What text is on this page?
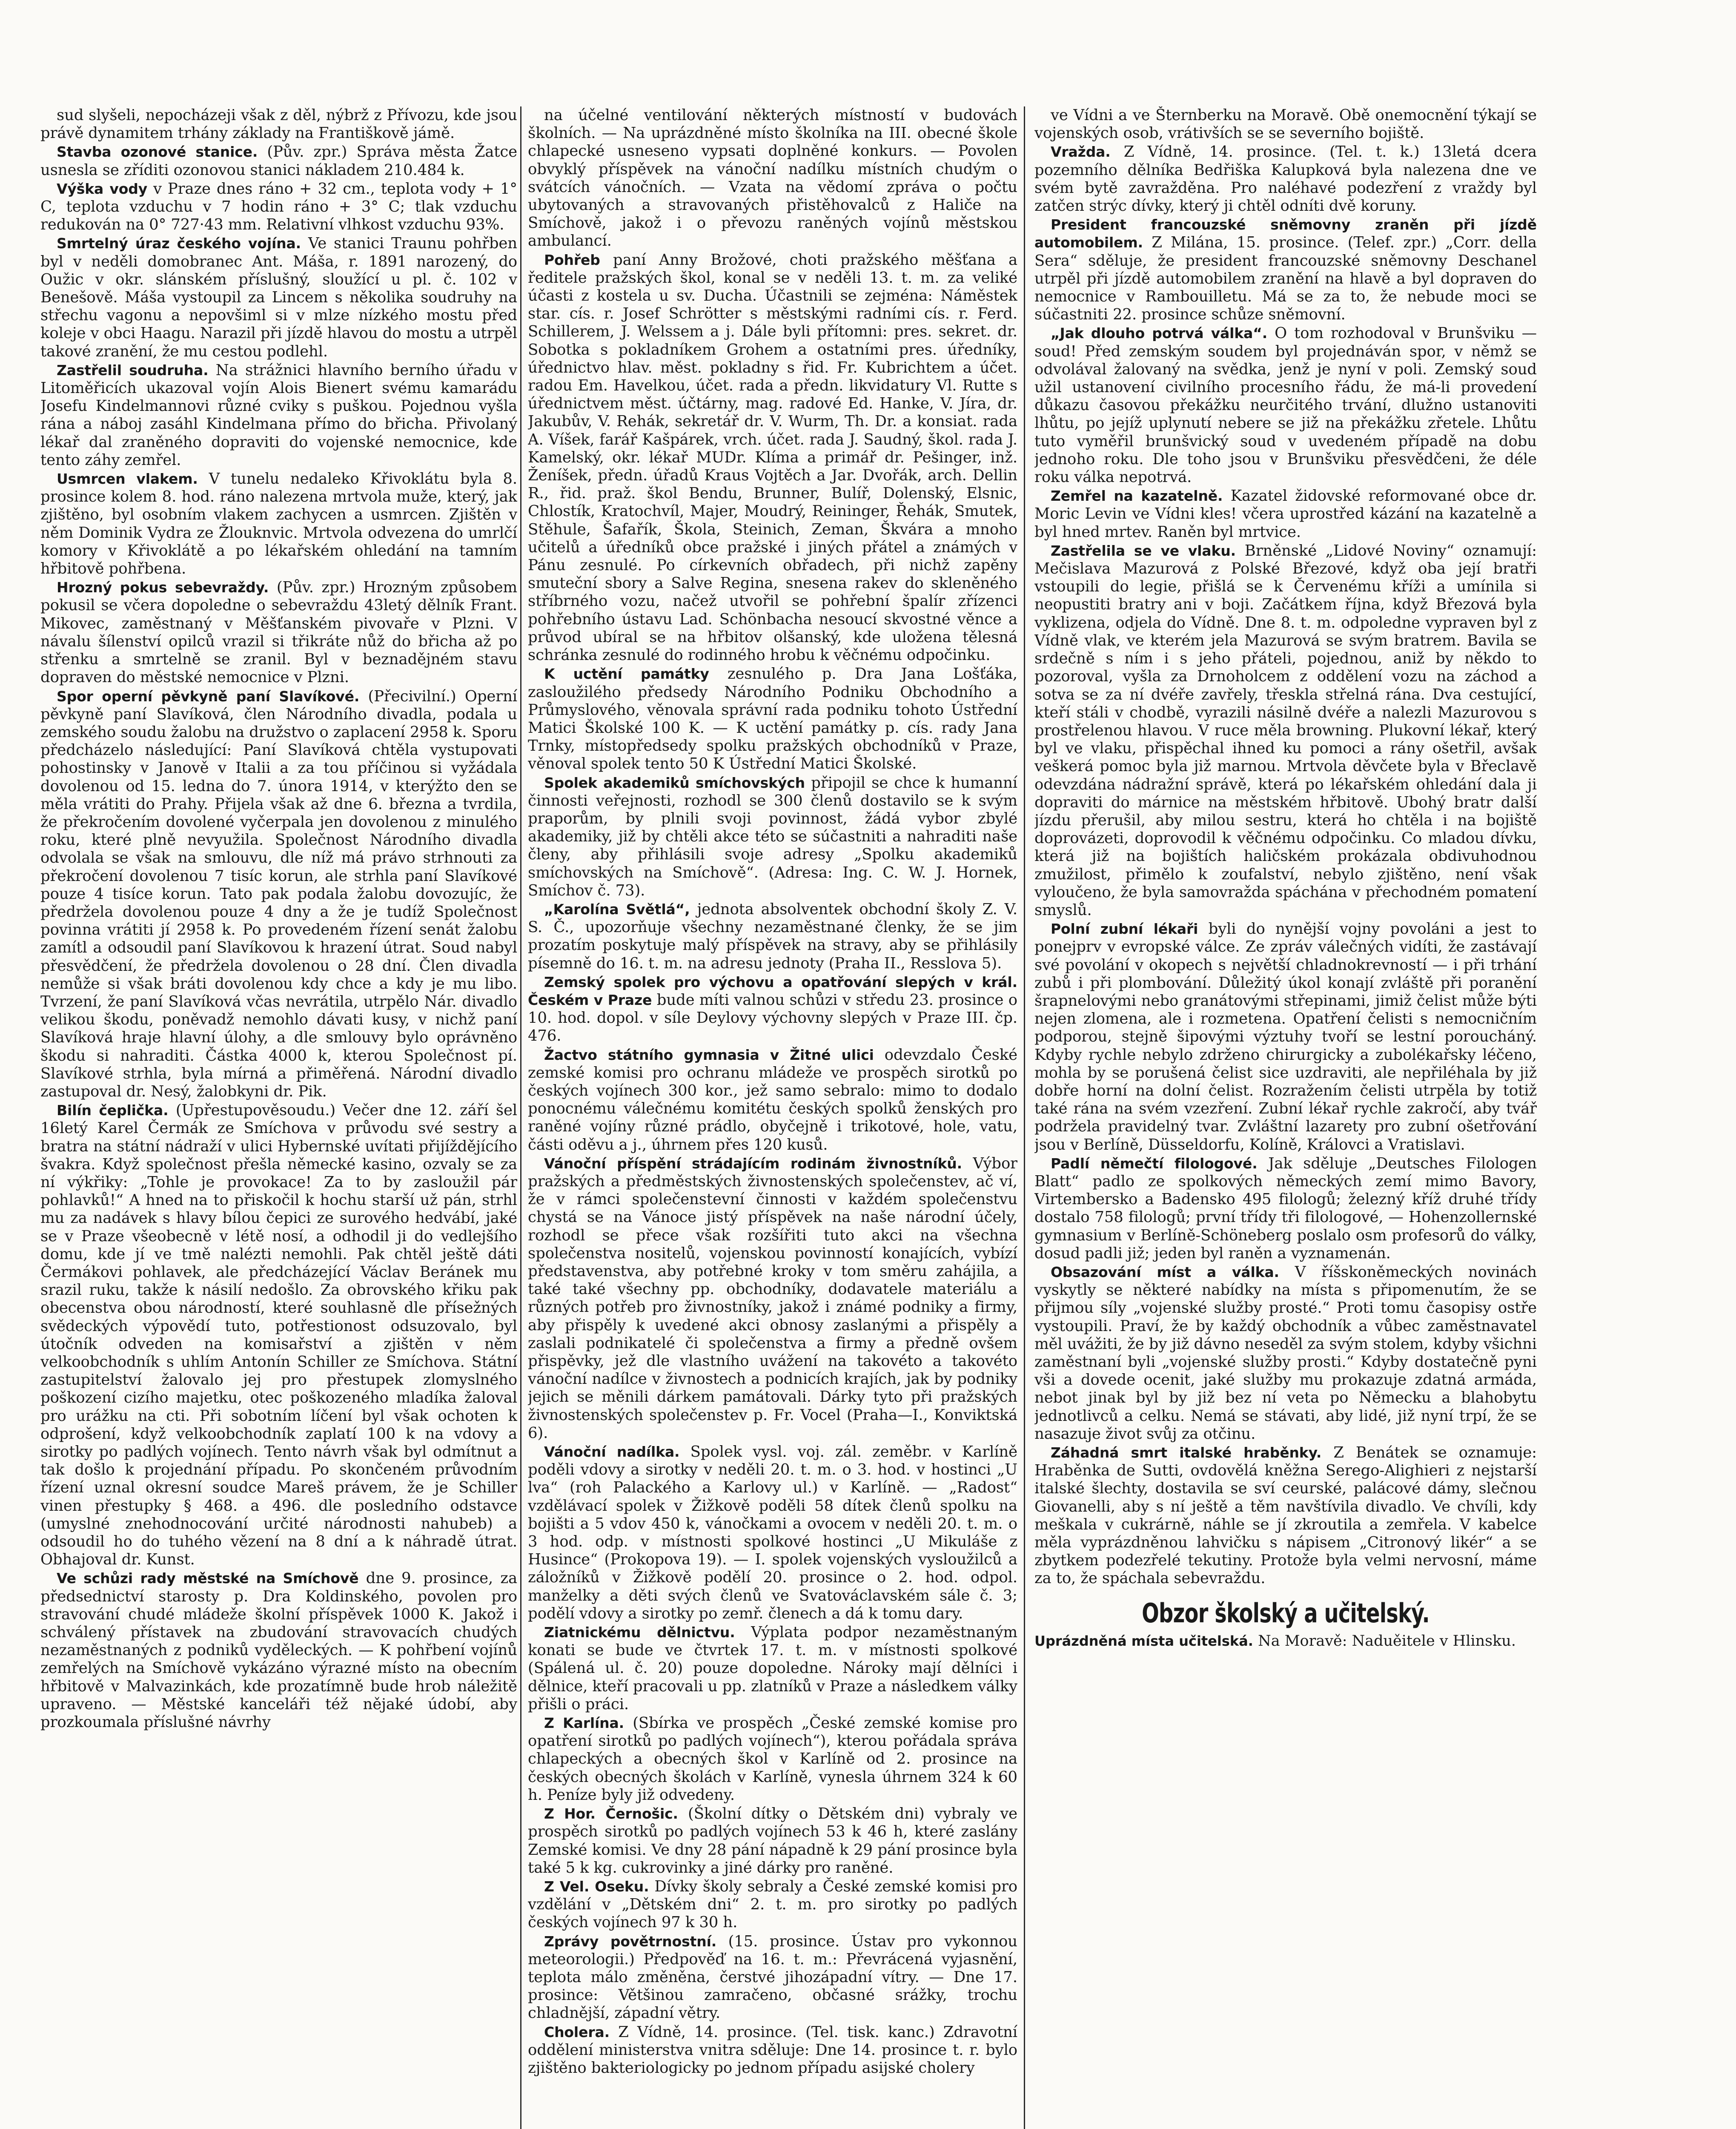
sud slyšeli, nepocházeji však z děl, nýbrž z Přívozu, kde jsou právě dynamitem trhány základy na Františkově jámě.

Stavba ozonové stanice. (Pův. zpr.) Správa města Žatce usnesla se zříditi ozonovou stanici nákladem 210.484 k.

Výška vody v Praze dnes ráno + 32 cm., teplota vody + 1° C, teplota vzduchu v 7 hodin ráno + 3° C; tlak vzduchu redukován na 0° 727·43 mm. Relativní vlhkost vzduchu 93%.

Smrtelný úraz českého vojína. Ve stanici Traunu pohřben byl v neděli domobranec Ant. Máša, r. 1891 narozený, do Oužic v okr. slánském příslušný, sloužící u pl. č. 102 v Benešově. Máša vystoupil za Lincem s několika soudruhy na střechu vagonu a nepovšiml si v mlze nízkého mostu před koleje v obci Haagu. Narazil při jízdě hlavou do mostu a utrpěl takové zranění, že mu cestou podlehl.

Zastřelil soudruha. Na strážnici hlavního berního úřadu v Litoměřicích ukazoval vojín Alois Bienert svému kamarádu Josefu Kindelmannovi různé cviky s puškou. Pojednou vyšla rána a náboj zasáhl Kindelmana přímo do břicha. Přivolaný lékař dal zraněného dopraviti do vojenské nemocnice, kde tento záhy zemřel.

Usmrcen vlakem. V tunelu nedaleko Křivoklátu byla 8. prosince kolem 8. hod. ráno nalezena mrtvola muže, který, jak zjištěno, byl osobním vlakem zachycen a usmrcen. Zjištěn v něm Dominik Vydra ze Žlouknvic. Mrtvola odvezena do umrlčí komory v Křivoklátě a po lékařském ohledání na tamním hřbitově pohřbena.

Hrozný pokus sebevraždy. (Pův. zpr.) Hrozným způsobem pokusil se včera dopoledne o sebevraždu 43letý dělník Frant. Mikovec, zaměstnaný v Měšťanském pivovaře v Plzni. V návalu šílenství opilců vrazil si třikráte nůž do břicha až po střenku a smrtelně se zranil. Byl v beznadějném stavu dopraven do městské nemocnice v Plzni.

Spor operní pěvkyně paní Slavíkové. (Přecivilní.) Operní pěvkyně paní Slavíková, člen Národního divadla, podala u zemského soudu žalobu na družstvo o zaplacení 2958 k. Sporu předcházelo následující: Paní Slavíková chtěla vystupovati pohostinsky v Janově v Italii a za tou příčinou si vyžádala dovolenou od 15. ledna do 7. února 1914, v kterýžto den se měla vrátiti do Prahy. Přijela však až dne 6. března a tvrdila, že překročením dovolené vyčerpala jen dovolenou z minulého roku, které plně nevyužila. Společnost Národního divadla odvolala se však na smlouvu, dle níž má právo strhnouti za překročení dovolenou 7 tisíc korun, ale strhla paní Slavíkové pouze 4 tisíce korun. Tato pak podala žalobu dovozujíc, že předržela dovolenou pouze 4 dny a že je tudíž Společnost povinna vrátiti jí 2958 k. Po provedeném řízení senát žalobu zamítl a odsoudil paní Slavíkovou k hrazení útrat. Soud nabyl přesvědčení, že předržela dovolenou o 28 dní. Člen divadla nemůže si však bráti dovolenou kdy chce a kdy je mu libo. Tvrzení, že paní Slavíková včas nevrátila, utrpělo Nár. divadlo velikou škodu, poněvadž nemohlo dávati kusy, v nichž paní Slavíková hraje hlavní úlohy, a dle smlouvy bylo oprávněno škodu si nahraditi. Částka 4000 k, kterou Společnost pí. Slavíkové strhla, byla mírná a přiměřená. Národní divadlo zastupoval dr. Nesý, žalobkyni dr. Pik.

Bilín čeplička. (Upřestupověsoudu.) Večer dne 12. září šel 16letý Karel Čermák ze Smíchova v průvodu své sestry a bratra na státní nádraží v ulici Hybernské uvítati přijíždějícího švakra. Když společnost přešla německé kasino, ozvaly se za ní výkřiky: „Tohle je provokace! Za to by zasloužil pár pohlavků!“ A hned na to přiskočil k hochu starší už pán, strhl mu za nadávek s hlavy bílou čepici ze surového hedvábí, jaké se v Praze všeobecně v létě nosí, a odhodil ji do vedlejšího domu, kde jí ve tmě nalézti nemohli. Pak chtěl ještě dáti Čermákovi pohlavek, ale předcházející Václav Beránek mu srazil ruku, takže k násilí nedošlo. Za obrovského křiku pak obecenstva obou národností, které souhlasně dle přísežných svědeckých výpovědí tuto, potřestionost odsuzovalo, byl útočník odveden na komisařství a zjištěn v něm velkoobchodník s uhlím Antonín Schiller ze Smíchova. Státní zastupitelství žalovalo jej pro přestupek zlomyslného poškození cizího majetku, otec poškozeného mladíka žaloval pro urážku na cti. Při sobotním líčení byl však ochoten k odprošení, když velkoobchodník zaplatí 100 k na vdovy a sirotky po padlých vojínech. Tento návrh však byl odmítnut a tak došlo k projednání případu. Po skončeném průvodním řízení uznal okresní soudce Mareš právem, že je Schiller vinen přestupky § 468. a 496. dle posledního odstavce (umyslné znehodnocování určité národnosti nahubeb) a odsoudil ho do tuhého vězení na 8 dní a k náhradě útrat. Obhajoval dr. Kunst.

Ve schůzi rady městské na Smíchově dne 9. prosince, za předsednictví starosty p. Dra Koldinského, povolen pro stravování chudé mládeže školní příspěvek 1000 K. Jakož i schválený přístavek na zbudování stravovacích chudých nezaměstnaných z podniků vyděleckých. — K pohřbení vojínů zemřelých na Smíchově vykázáno výrazné místo na obecním hřbitově v Malvazinkách, kde prozatímně bude hrob náležitě upraveno. — Městské kanceláři též nějaké údobí, aby prozkoumala příslušné návrhy

na účelné ventilování některých místností v budovách školních. — Na uprázdněné místo školníka na III. obecné škole chlapecké usneseno vypsati doplněné konkurs. — Povolen obvyklý příspěvek na vánoční nadílku místních chudým o svátcích vánočních. — Vzata na vědomí zpráva o počtu ubytovaných a stravovaných přistěhovalců z Haliče na Smíchově, jakož i o převozu raněných vojínů městskou ambulancí.

Pohřeb paní Anny Brožové, choti pražského měšťana a ředitele pražských škol, konal se v neděli 13. t. m. za veliké účasti z kostela u sv. Ducha. Účastnili se zejména: Náměstek star. cís. r. Josef Schrötter s městskými radními cís. r. Ferd. Schillerem, J. Welssem a j. Dále byli přítomni: pres. sekret. dr. Sobotka s pokladníkem Grohem a ostatními pres. úředníky, úřednictvo hlav. měst. pokladny s řid. Fr. Kubrichtem a účet. radou Em. Havelkou, účet. rada a předn. likvidatury Vl. Rutte s úřednictvem měst. účtárny, mag. radové Ed. Hanke, V. Jíra, dr. Jakubův, V. Rehák, sekretář dr. V. Wurm, Th. Dr. a konsiat. rada A. Víšek, farář Kašpárek, vrch. účet. rada J. Saudný, škol. rada J. Kamelský, okr. lékař MUDr. Klíma a primář dr. Pešinger, inž. Ženíšek, předn. úřadů Kraus Vojtěch a Jar. Dvořák, arch. Dellin R., řid. praž. škol Bendu, Brunner, Bulíř, Dolenský, Elsnic, Chlostík, Kratochvíl, Majer, Moudrý, Reininger, Řehák, Smutek, Stěhule, Šafařík, Škola, Steinich, Zeman, Škvára a mnoho učitelů a úředníků obce pražské i jiných přátel a známých v Pánu zesnulé. Po církevních obřadech, při nichž zapěny smuteční sbory a Salve Regina, snesena rakev do skleněného stříbrného vozu, načež utvořil se pohřební špalír zřízenci pohřebního ústavu Lad. Schönbacha nesoucí skvostné věnce a průvod ubíral se na hřbitov olšanský, kde uložena tělesná schránka zesnulé do rodinného hrobu k věčnému odpočinku.

K uctění památky zesnulého p. Dra Jana Lošťáka, zasloužilého předsedy Národního Podniku Obchodního a Průmyslového, věnovala správní rada podniku tohoto Ústřední Matici Školské 100 K. — K uctění památky p. cís. rady Jana Trnky, místopředsedy spolku pražských obchodníků v Praze, věnoval spolek tento 50 K Ústřední Matici Školské.

Spolek akademiků smíchovských připojil se chce k humanní činnosti veřejnosti, rozhodl se 300 členů dostavilo se k svým praporům, by plnili svoji povinnost, žádá vybor zbylé akademiky, již by chtěli akce této se súčastniti a nahraditi naše členy, aby přihlásili svoje adresy „Spolku akademiků smíchovských na Smíchově“. (Adresa: Ing. C. W. J. Hornek, Smíchov č. 73).

„Karolína Světlá“, jednota absolventek obchodní školy Z. V. S. Č., upozorňuje všechny nezaměstnané členky, že se jim prozatím poskytuje malý příspěvek na stravy, aby se přihlásily písemně do 16. t. m. na adresu jednoty (Praha II., Resslova 5).

Zemský spolek pro výchovu a opatřování slepých v král. Českém v Praze bude míti valnou schůzi v středu 23. prosince o 10. hod. dopol. v síle Deylovy výchovny slepých v Praze III. čp. 476.

Žactvo státního gymnasia v Žitné ulici odevzdalo České zemské komisi pro ochranu mládeže ve prospěch sirotků po českých vojínech 300 kor., jež samo sebralo: mimo to dodalo ponocnému válečnému komitétu českých spolků ženských pro raněné vojíny různé prádlo, obyčejně i trikotové, hole, vatu, části oděvu a j., úhrnem přes 120 kusů.

Vánoční příspění strádajícím rodinám živnostníků. Výbor pražských a předměstských živnostenských společenstev, ač ví, že v rámci společenstevní činnosti v každém společenstvu chystá se na Vánoce jistý příspěvek na naše národní účely, rozhodl se přece však rozšířiti tuto akci na všechna společenstva nositelů, vojenskou povinností konajících, vybízí představenstva, aby potřebné kroky v tom směru zahájila, a také také všechny pp. obchodníky, dodavatele materiálu a různých potřeb pro živnostníky, jakož i známé podniky a firmy, aby přispěly k uvedené akci obnosy zaslanými a přispěly a zaslali podnikatelé či společenstva a firmy a předně ovšem přispěvky, jež dle vlastního uvážení na takovéto a takovéto vánoční nadílce v živnostech a podnicích krajích, jak by podniky jejich se měnili dárkem památovali. Dárky tyto při pražských živnostenských společenstev p. Fr. Vocel (Praha—I., Konviktská 6).

Vánoční nadílka. Spolek vysl. voj. zál. zeměbr. v Karlíně poděli vdovy a sirotky v neděli 20. t. m. o 3. hod. v hostinci „U lva“ (roh Palackého a Karlovy ul.) v Karlíně. — „Radost“ vzdělávací spolek v Žižkově poděli 58 dítek členů spolku na bojišti a 5 vdov 450 k, vánočkami a ovocem v neděli 20. t. m. o 3 hod. odp. v místnosti spolkové hostinci „U Mikuláše z Husince“ (Prokopova 19). — I. spolek vojenských vysloužilců a záložníků v Žižkově podělí 20. prosince o 2. hod. odpol. manželky a děti svých členů ve Svatováclavském sále č. 3; podělí vdovy a sirotky po zemř. členech a dá k tomu dary.

Ziatnickému dělnictvu. Výplata podpor nezaměstnaným konati se bude ve čtvrtek 17. t. m. v místnosti spolkové (Spálená ul. č. 20) pouze dopoledne. Nároky mají dělníci i dělnice, kteří pracovali u pp. zlatníků v Praze a následkem války přišli o práci.

Z Karlína. (Sbírka ve prospěch „České zemské komise pro opatření sirotků po padlých vojínech“), kterou pořádala správa chlapeckých a obecných škol v Karlíně od 2. prosince na českých obecných školách v Karlíně, vynesla úhrnem 324 k 60 h. Peníze byly již odvedeny.

Z Hor. Černošic. (Školní dítky o Dětském dni) vybraly ve prospěch sirotků po padlých vojínech 53 k 46 h, které zaslány Zemské komisi. Ve dny 28 pání nápadně k 29 pání prosince byla také 5 k kg. cukrovinky a jiné dárky pro raněné.

Z Vel. Oseku. Dívky školy sebraly a České zemské komisi pro vzdělání v „Dětském dni“ 2. t. m. pro sirotky po padlých českých vojínech 97 k 30 h.

Zprávy povětrnostní. (15. prosince. Ústav pro vykonnou meteorologii.) Předpověď na 16. t. m.: Převrácená vyjasnění, teplota málo změněna, čerstvé jihozápadní vítry. — Dne 17. prosince: Většinou zamračeno, občasné srážky, trochu chladnější, západní větry.

Cholera. Z Vídně, 14. prosince. (Tel. tisk. kanc.) Zdravotní oddělení ministerstva vnitra sděluje: Dne 14. prosince t. r. bylo zjištěno bakteriologicky po jednom případu asijské cholery

ve Vídni a ve Šternberku na Moravě. Obě onemocnění týkají se vojenských osob, vrátivších se se severního bojiště.

Vražda. Z Vídně, 14. prosince. (Tel. t. k.) 13letá dcera pozemního dělníka Bedřiška Kalupková byla nalezena dne ve svém bytě zavražděna. Pro naléhavé podezření z vraždy byl zatčen strýc dívky, který ji chtěl odníti dvě koruny.

President francouzské sněmovny zraněn při jízdě automobilem. Z Milána, 15. prosince. (Telef. zpr.) „Corr. della Sera“ sděluje, že president francouzské sněmovny Deschanel utrpěl při jízdě automobilem zranění na hlavě a byl dopraven do nemocnice v Rambouilletu. Má se za to, že nebude moci se súčastniti 22. prosince schůze sněmovní.

„Jak dlouho potrvá válka“. O tom rozhodoval v Brunšviku — soud! Před zemským soudem byl projednáván spor, v němž se odvolával žalovaný na svědka, jenž je nyní v poli. Zemský soud užil ustanovení civilního procesního řádu, že má-li provedení důkazu časovou překážku neurčitého trvání, dlužno ustanoviti lhůtu, po jejíž uplynutí nebere se již na překážku zřetele. Lhůtu tuto vyměřil brunšvický soud v uvedeném případě na dobu jednoho roku. Dle toho jsou v Brunšviku přesvědčeni, že déle roku válka nepotrvá.

Zemřel na kazatelně. Kazatel židovské reformované obce dr. Moric Levin ve Vídni kles! včera uprostřed kázání na kazatelně a byl hned mrtev. Raněn byl mrtvice.

Zastřelila se ve vlaku. Brněnské „Lidové Noviny“ oznamují: Mečislava Mazurová z Polské Březové, když oba její bratři vstoupili do legie, přišlá se k Červenému kříži a umínila si neopustiti bratry ani v boji. Začátkem října, když Březová byla vyklizena, odjela do Vídně. Dne 8. t. m. odpoledne vypraven byl z Vídně vlak, ve kterém jela Mazurová se svým bratrem. Bavila se srdečně s ním i s jeho přáteli, pojednou, aniž by někdo to pozoroval, vyšla za Drnoholcem z oddělení vozu na záchod a sotva se za ní dvéře zavřely, třeskla střelná rána. Dva cestující, kteří stáli v chodbě, vyrazili násilně dvéře a nalezli Mazurovou s prostřelenou hlavou. V ruce měla browning. Plukovní lékař, který byl ve vlaku, přispěchal ihned ku pomoci a rány ošetřil, avšak veškerá pomoc byla již marnou. Mrtvola děvčete byla v Břeclavě odevzdána nádražní správě, která po lékařském ohledání dala ji dopraviti do márnice na městském hřbitově. Ubohý bratr další jízdu přerušil, aby milou sestru, která ho chtěla i na bojiště doprovázeti, doprovodil k věčnému odpočinku. Co mladou dívku, která již na bojištích haličském prokázala obdivuhodnou zmužilost, přimělo k zoufalství, nebylo zjištěno, není však vyloučeno, že byla samovražda spáchána v přechodném pomatení smyslů.

Polní zubní lékaři byli do nynější vojny povoláni a jest to ponejprv v evropské válce. Ze zpráv válečných vidíti, že zastávají své povolání v okopech s největší chladnokrevností — i při trhání zubů i při plombování. Důležitý úkol konají zvláště při poranění šrapnelovými nebo granátovými střepinami, jimiž čelist může býti nejen zlomena, ale i rozmetena. Opatření čelisti s nemocničním podporou, stejně šipovými výztuhy tvoří se lestní poroucháný. Kdyby rychle nebylo zdrženo chirurgicky a zubolékařsky léčeno, mohla by se porušená čelist sice uzdraviti, ale nepřiléhala by již dobře horní na dolní čelist. Rozražením čelisti utrpěla by totiž také rána na svém vzezření. Zubní lékař rychle zakročí, aby tvář podržela pravidelný tvar. Zvláštní lazarety pro zubní ošetřování jsou v Berlíně, Düsseldorfu, Kolíně, Královci a Vratislavi.

Padlí němečtí filologové. Jak sděluje „Deutsches Filologen Blatt“ padlo ze spolkových německých zemí mimo Bavory, Virtembersko a Badensko 495 filologů; železný kříž druhé třídy dostalo 758 filologů; první třídy tři filologové, — Hohenzollernské gymnasium v Berlíně-Schöneberg poslalo osm profesorů do války, dosud padli již; jeden byl raněn a vyznamenán.

Obsazování míst a válka. V říšskoněmeckých novinách vyskytly se některé nabídky na místa s připomenutím, že se přijmou síly „vojenské služby prosté.“ Proti tomu časopisy ostře vystoupili. Praví, že by každý obchodník a vůbec zaměstnavatel měl uvážiti, že by již dávno neseděl za svým stolem, kdyby všichni zaměstnaní byli „vojenské služby prosti.“ Kdyby dostatečně pyni vši a dovede ocenit, jaké služby mu prokazuje zdatná armáda, nebot jinak byl by již bez ní veta po Německu a blahobytu jednotlivců a celku. Nemá se stávati, aby lidé, již nyní trpí, že se nasazuje život svůj za otčinu.

Záhadná smrt italské hraběnky. Z Benátek se oznamuje: Hraběnka de Sutti, ovdovělá kněžna Serego-Alighieri z nejstarší italské šlechty, dostavila se sví ceurské, palácové dámy, slečnou Giovanelli, aby s ní ještě a těm navštívila divadlo. Ve chvíli, kdy meškala v cukrárně, náhle se jí zkroutila a zemřela. V kabelce měla vyprázdněnou lahvičku s nápisem „Citronový likér“ a se zbytkem podezřelé tekutiny. Protože byla velmi nervosní, máme za to, že spáchala sebevraždu.

Obzor školský a učitelský.

Uprázdněná místa učitelská. Na Moravě: Naduěitele v Hlinsku.
